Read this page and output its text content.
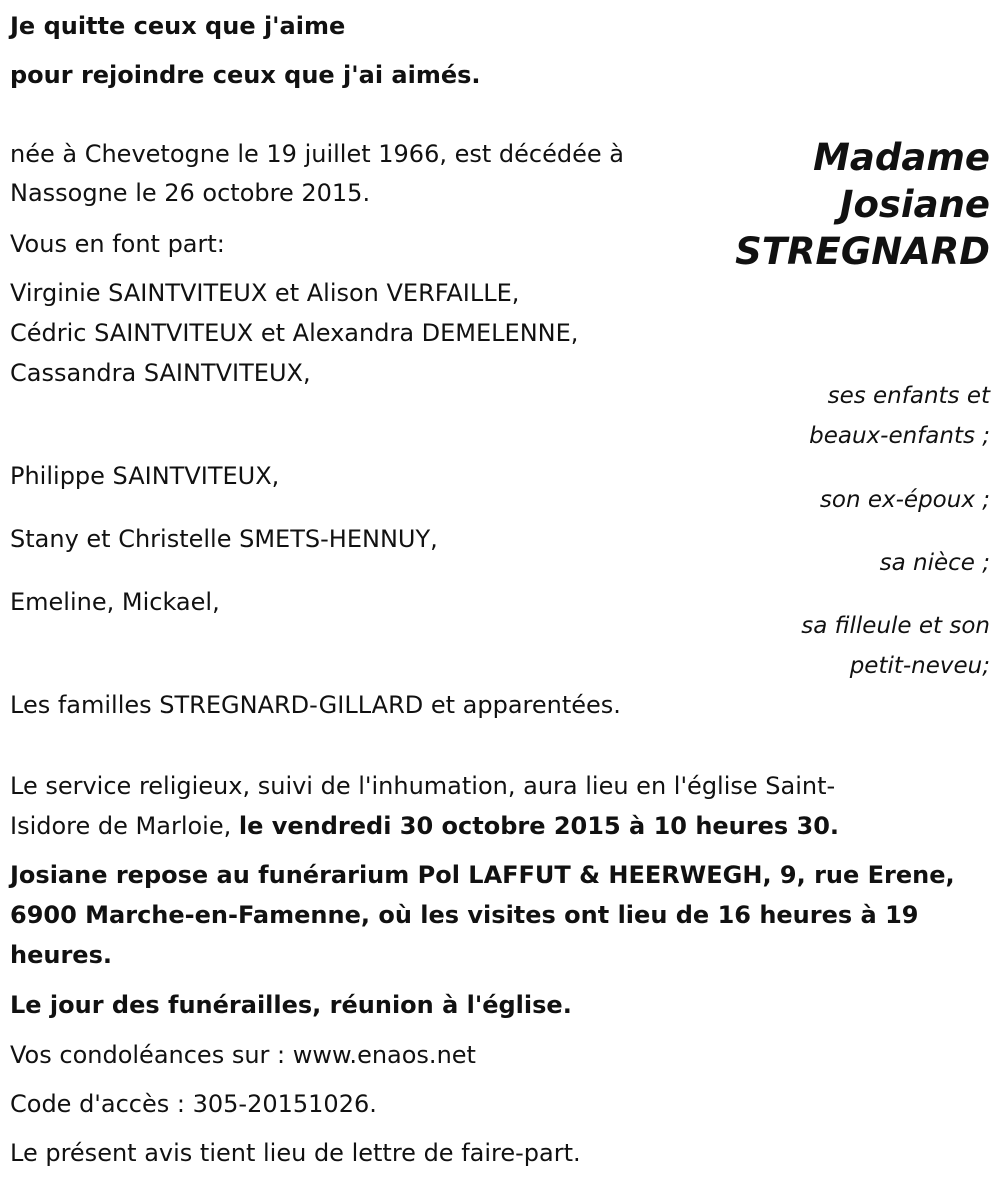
Je quitte ceux que j'aime
pour rejoindre ceux que j'ai aimés.
Madame
Josiane
STREGNARD
née à Chevetogne le 19 juillet 1966, est décédée à
Nassogne le 26 octobre 2015.
Vous en font part:
Virginie SAINTVITEUX et Alison VERFAILLE,
Cédric SAINTVITEUX et Alexandra DEMELENNE,
Cassandra SAINTVITEUX,
ses enfants et
beaux-enfants ;
Philippe SAINTVITEUX,
son ex-époux ;
Stany et Christelle SMETS-HENNUY,
sa nièce ;
Emeline, Mickael,
sa filleule et son
petit-neveu;
Les familles STREGNARD-GILLARD et apparentées.
Le service religieux, suivi de l'inhumation, aura lieu en l'église Saint-
Isidore de Marloie, le vendredi 30 octobre 2015 à 10 heures 30.
Josiane repose au funérarium Pol LAFFUT & HEERWEGH, 9, rue Erene,
6900 Marche-en-Famenne, où les visites ont lieu de 16 heures à 19
heures.
Le jour des funérailles, réunion à l'église.
Vos condoléances sur : www.enaos.net
Code d'accès : 305-20151026.
Le présent avis tient lieu de lettre de faire-part.
